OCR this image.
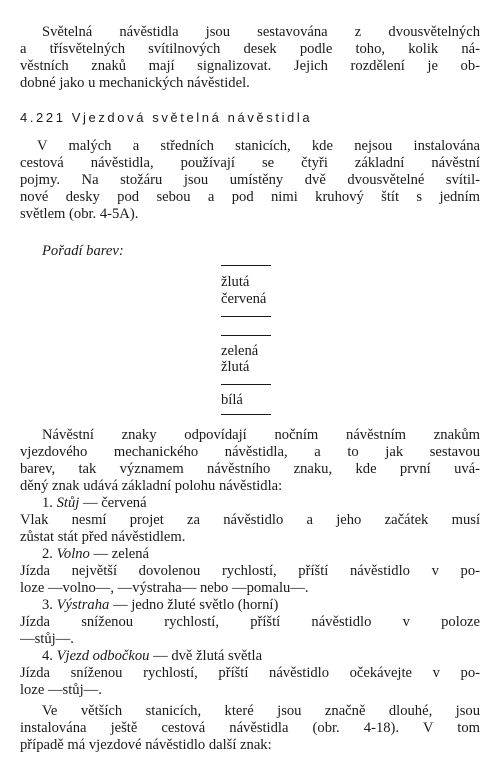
Světelná návěstidla jsou sestavována z dvousvětelných
a třísvětelných svítilnových desek podle toho, kolik ná-
věstních znaků mají signalizovat. Jejich rozdělení je ob-
dobné jako u mechanických návěstidel.
4.221 Vjezdová světelná návěstidla
V malých a středních stanicích, kde nejsou instalována
cestová návěstidla, používají se čtyři základní návěstní
pojmy. Na stožáru jsou umístěny dvě dvousvětelné svítil-
nové desky pod sebou a pod nimi kruhový štít s jedním
světlem (obr. 4-5A).
Pořadí barev:
žlutá
červená
zelená
žlutá
bílá
Návěstní znaky odpovídají nočním návěstním znakům
vjezdového mechanického návěstidla, a to jak sestavou
barev, tak významem návěstního znaku, kde první uvá-
děný znak udává základní polohu návěstidla:
1. Stůj — červená
Vlak nesmí projet za návěstidlo a jeho začátek musí
zůstat stát před návěstidlem.
2. Volno — zelená
Jízda největší dovolenou rychlostí, příští návěstidlo v po-
loze —volno—, —výstraha— nebo —pomalu—.
3. Výstraha — jedno žluté světlo (horní)
Jízda sníženou rychlostí, příští návěstidlo v poloze
—stůj—.
4. Vjezd odbočkou — dvě žlutá světla
Jízda sníženou rychlostí, příští návěstidlo očekávejte v po-
loze —stůj—.
Ve větších stanicích, které jsou značně dlouhé, jsou
instalována ještě cestová návěstidla (obr. 4-18). V tom
případě má vjezdové návěstidlo další znak:
